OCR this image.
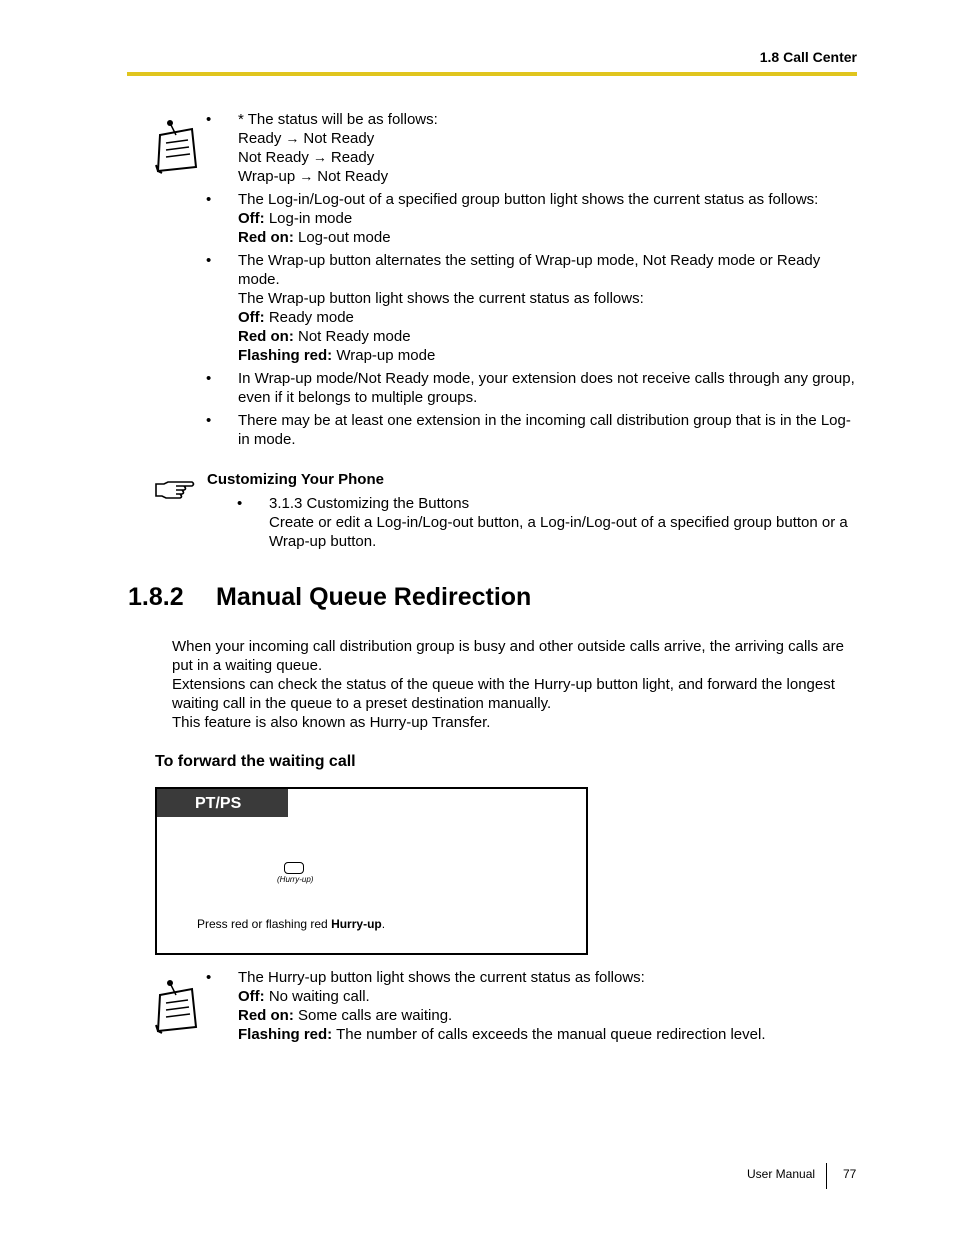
1.8 Call Center
• * The status will be as follows:
Ready → Not Ready
Not Ready → Ready
Wrap-up → Not Ready
• The Log-in/Log-out of a specified group button light shows the current status as follows:
Off: Log-in mode
Red on: Log-out mode
• The Wrap-up button alternates the setting of Wrap-up mode, Not Ready mode or Ready mode.
The Wrap-up button light shows the current status as follows:
Off: Ready mode
Red on: Not Ready mode
Flashing red: Wrap-up mode
• In Wrap-up mode/Not Ready mode, your extension does not receive calls through any group, even if it belongs to multiple groups.
• There may be at least one extension in the incoming call distribution group that is in the Log-in mode.
Customizing Your Phone
• 3.1.3 Customizing the Buttons
Create or edit a Log-in/Log-out button, a Log-in/Log-out of a specified group button or a Wrap-up button.
1.8.2 Manual Queue Redirection
When your incoming call distribution group is busy and other outside calls arrive, the arriving calls are put in a waiting queue.
Extensions can check the status of the queue with the Hurry-up button light, and forward the longest waiting call in the queue to a preset destination manually.
This feature is also known as Hurry-up Transfer.
To forward the waiting call
PT/PS
(Hurry-up)
Press red or flashing red Hurry-up.
• The Hurry-up button light shows the current status as follows:
Off: No waiting call.
Red on: Some calls are waiting.
Flashing red: The number of calls exceeds the manual queue redirection level.
User Manual 77
